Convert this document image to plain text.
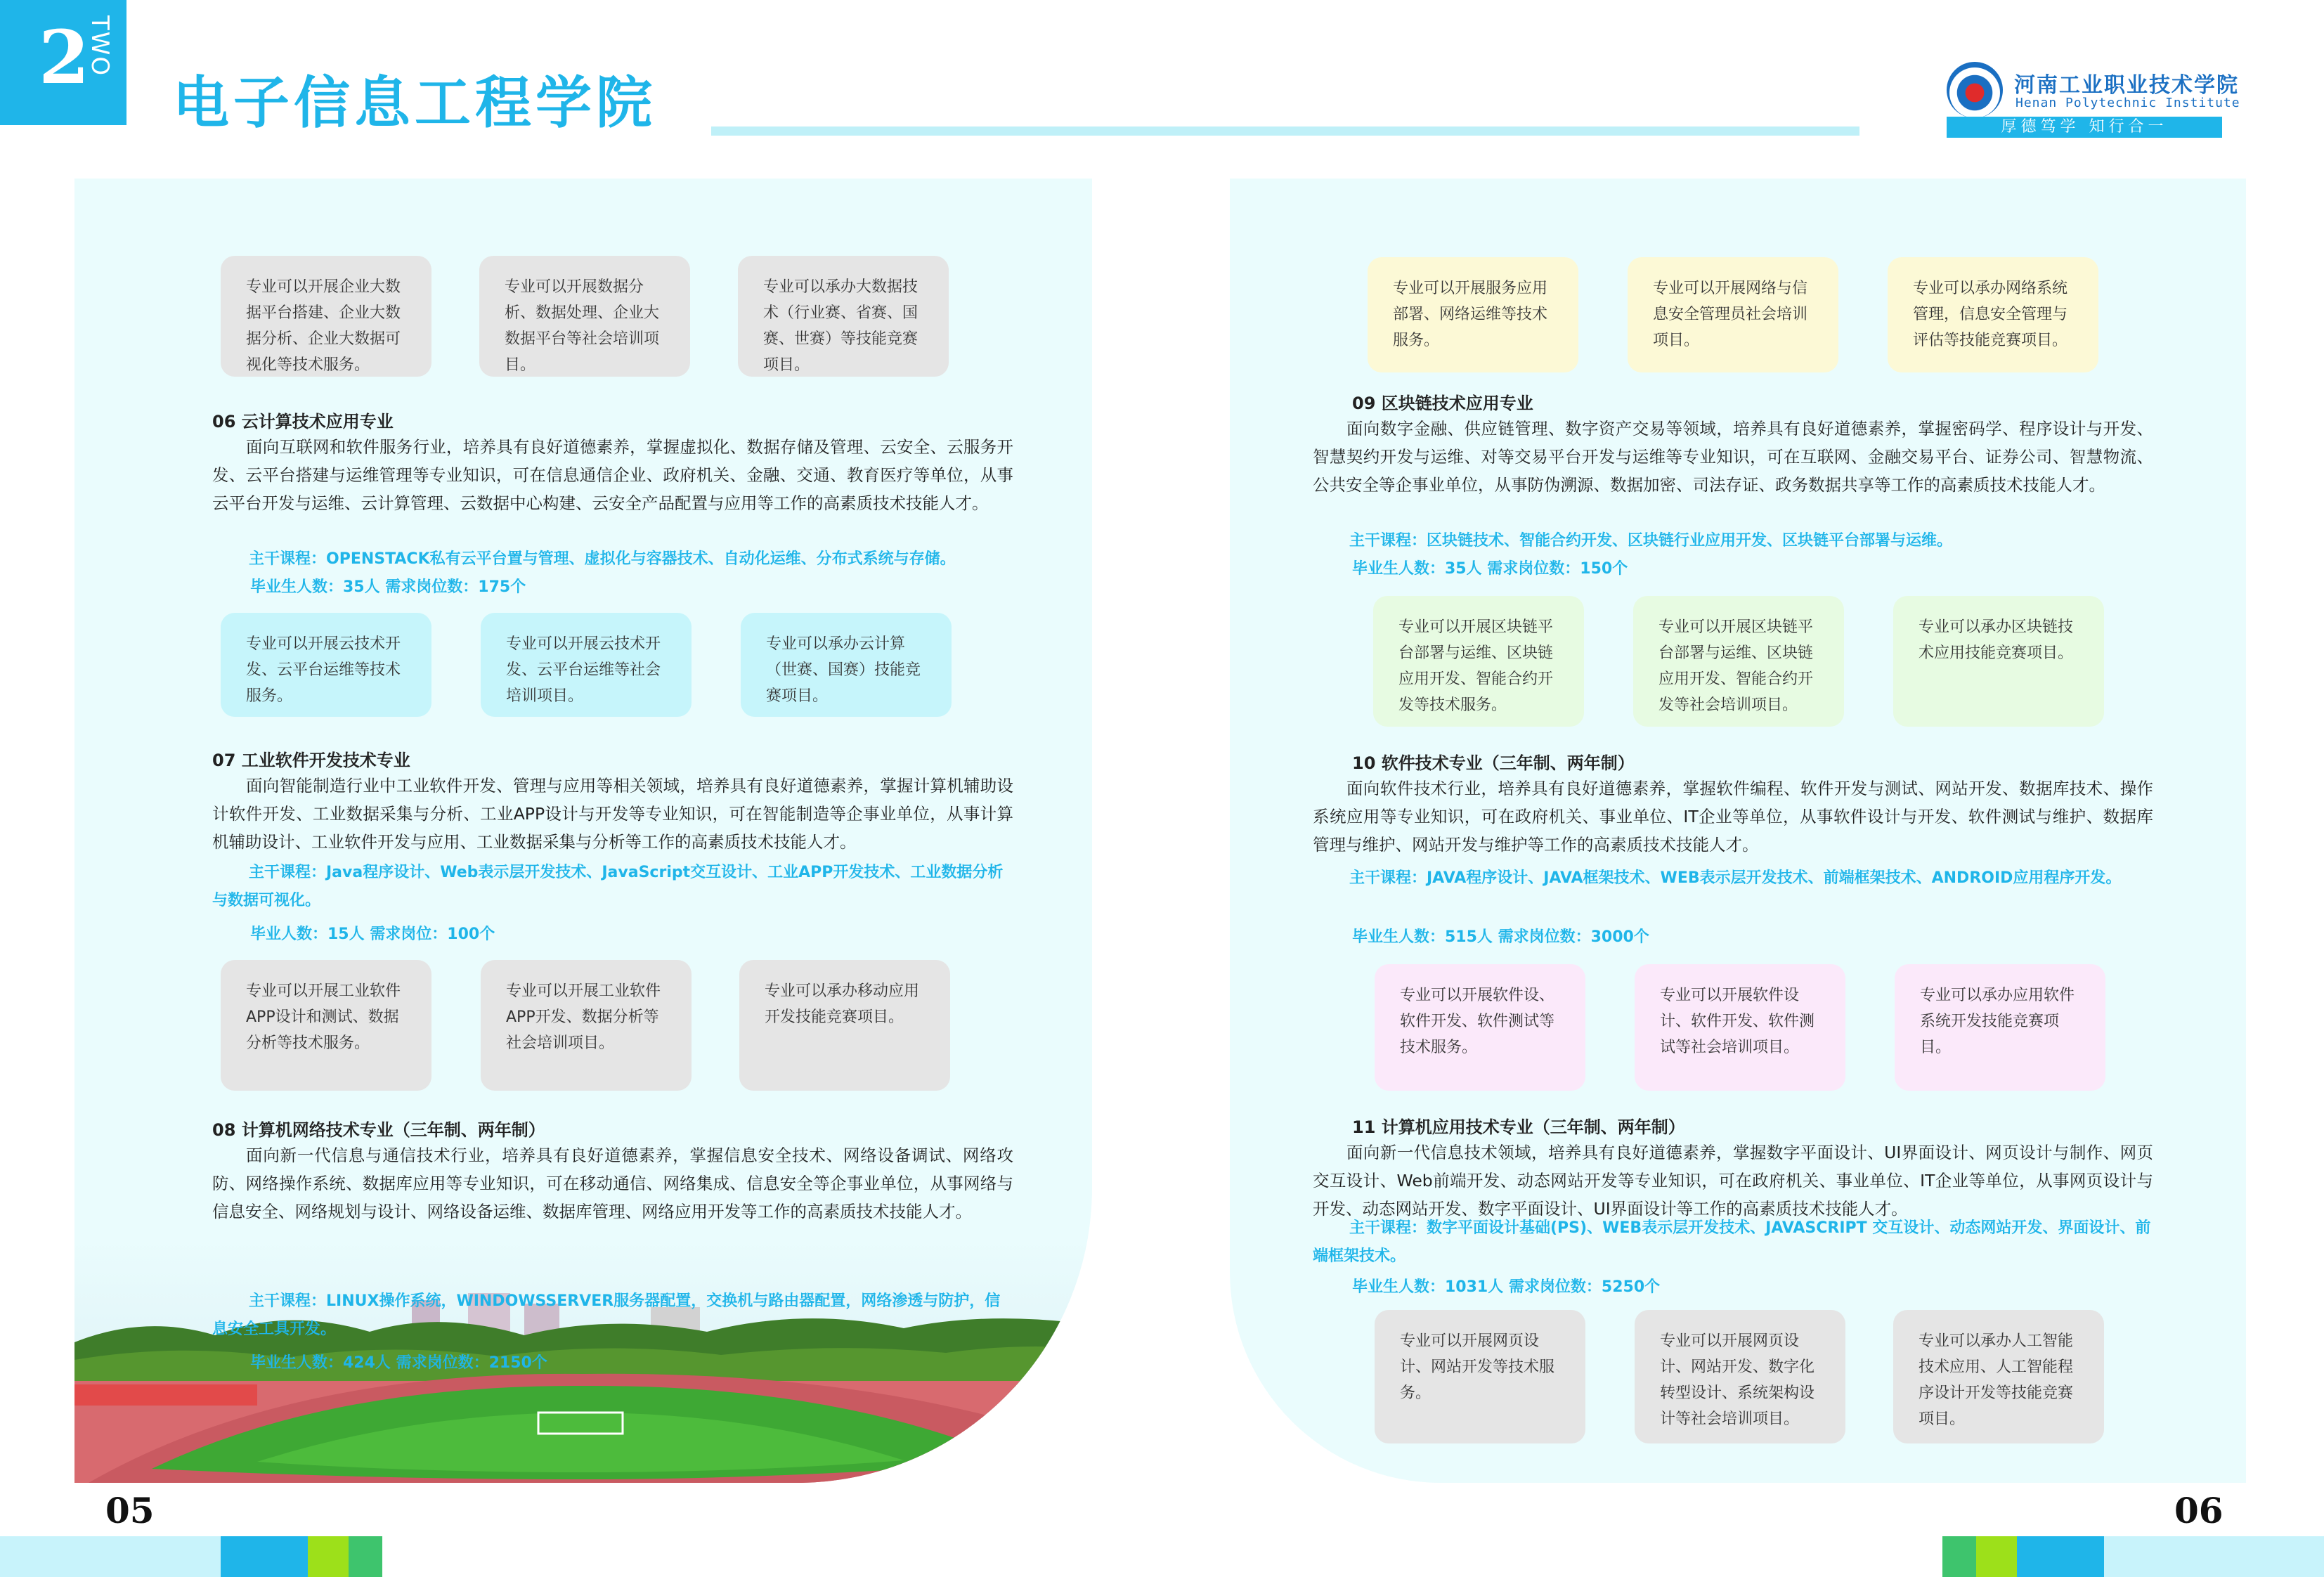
2
TWO
电子信息工程学院	河南工业职业技术学院
Henan Polytechnic Institute
厚德笃学 知行合一
专业可以开展企业大数据平台搭建、企业大数据分析、企业大数据可视化等技术服务。
专业可以开展数据分析、数据处理、企业大数据平台等社会培训项目。
专业可以承办大数据技术（行业赛、省赛、国赛、世赛）等技能竞赛项目。
06 云计算技术应用专业
面向互联网和软件服务行业，培养具有良好道德素养，掌握虚拟化、数据存储及管理、云安全、云服务开发、云平台搭建与运维管理等专业知识，可在信息通信企业、政府机关、金融、交通、教育医疗等单位，从事云平台开发与运维、云计算管理、云数据中心构建、云安全产品配置与应用等工作的高素质技术技能人才。
主干课程：OPENSTACK私有云平台置与管理、虚拟化与容器技术、自动化运维、分布式系统与存储。
毕业生人数：35人 需求岗位数：175个
专业可以开展云技术开发、云平台运维等技术服务。
专业可以开展云技术开发、云平台运维等社会培训项目。
专业可以承办云计算（世赛、国赛）技能竞赛项目。
07 工业软件开发技术专业
面向智能制造行业中工业软件开发、管理与应用等相关领域，培养具有良好道德素养，掌握计算机辅助设计软件开发、工业数据采集与分析、工业APP设计与开发等专业知识，可在智能制造等企事业单位，从事计算机辅助设计、工业软件开发与应用、工业数据采集与分析等工作的高素质技术技能人才。
主干课程：Java程序设计、Web表示层开发技术、JavaScript交互设计、工业APP开发技术、工业数据分析与数据可视化。
毕业人数：15人 需求岗位：100个
专业可以开展工业软件APP设计和测试、数据分析等技术服务。
专业可以开展工业软件APP开发、数据分析等社会培训项目。
专业可以承办移动应用开发技能竞赛项目。
08 计算机网络技术专业（三年制、两年制）
面向新一代信息与通信技术行业，培养具有良好道德素养，掌握信息安全技术、网络设备调试、网络攻防、网络操作系统、数据库应用等专业知识，可在移动通信、网络集成、信息安全等企事业单位，从事网络与信息安全、网络规划与设计、网络设备运维、数据库管理、网络应用开发等工作的高素质技术技能人才。
主干课程：LINUX操作系统，WINDOWSSERVER服务器配置，交换机与路由器配置，网络渗透与防护，信息安全工具开发。
毕业生人数：424人 需求岗位数：2150个
专业可以开展服务应用部署、网络运维等技术服务。
专业可以开展网络与信息安全管理员社会培训项目。
专业可以承办网络系统管理，信息安全管理与评估等技能竞赛项目。
09 区块链技术应用专业
面向数字金融、供应链管理、数字资产交易等领域，培养具有良好道德素养，掌握密码学、程序设计与开发、智慧契约开发与运维、对等交易平台开发与运维等专业知识，可在互联网、金融交易平台、证券公司、智慧物流、公共安全等企事业单位，从事防伪溯源、数据加密、司法存证、政务数据共享等工作的高素质技术技能人才。
主干课程：区块链技术、智能合约开发、区块链行业应用开发、区块链平台部署与运维。
毕业生人数：35人 需求岗位数：150个
专业可以开展区块链平台部署与运维、区块链应用开发、智能合约开发等技术服务。
专业可以开展区块链平台部署与运维、区块链应用开发、智能合约开发等社会培训项目。
专业可以承办区块链技术应用技能竞赛项目。
10 软件技术专业（三年制、两年制）
面向软件技术行业，培养具有良好道德素养，掌握软件编程、软件开发与测试、网站开发、数据库技术、操作系统应用等专业知识，可在政府机关、事业单位、IT企业等单位，从事软件设计与开发、软件测试与维护、数据库管理与维护、网站开发与维护等工作的高素质技术技能人才。
主干课程：JAVA程序设计、JAVA框架技术、WEB表示层开发技术、前端框架技术、ANDROID应用程序开发。
毕业生人数：515人 需求岗位数：3000个
专业可以开展软件设、软件开发、软件测试等技术服务。
专业可以开展软件设计、软件开发、软件测试等社会培训项目。
专业可以承办应用软件系统开发技能竞赛项目。
11 计算机应用技术专业（三年制、两年制）
面向新一代信息技术领域，培养具有良好道德素养，掌握数字平面设计、UI界面设计、网页设计与制作、网页交互设计、Web前端开发、动态网站开发等专业知识，可在政府机关、事业单位、IT企业等单位，从事网页设计与开发、动态网站开发、数字平面设计、UI界面设计等工作的高素质技术技能人才。
主干课程：数字平面设计基础(PS)、WEB表示层开发技术、JAVASCRIPT 交互设计、动态网站开发、界面设计、前端框架技术。
毕业生人数：1031人 需求岗位数：5250个
专业可以开展网页设计、网站开发等技术服务。
专业可以开展网页设计、网站开发、数字化转型设计、系统架构设计等社会培训项目。
专业可以承办人工智能技术应用、人工智能程序设计开发等技能竞赛项目。
05	06
